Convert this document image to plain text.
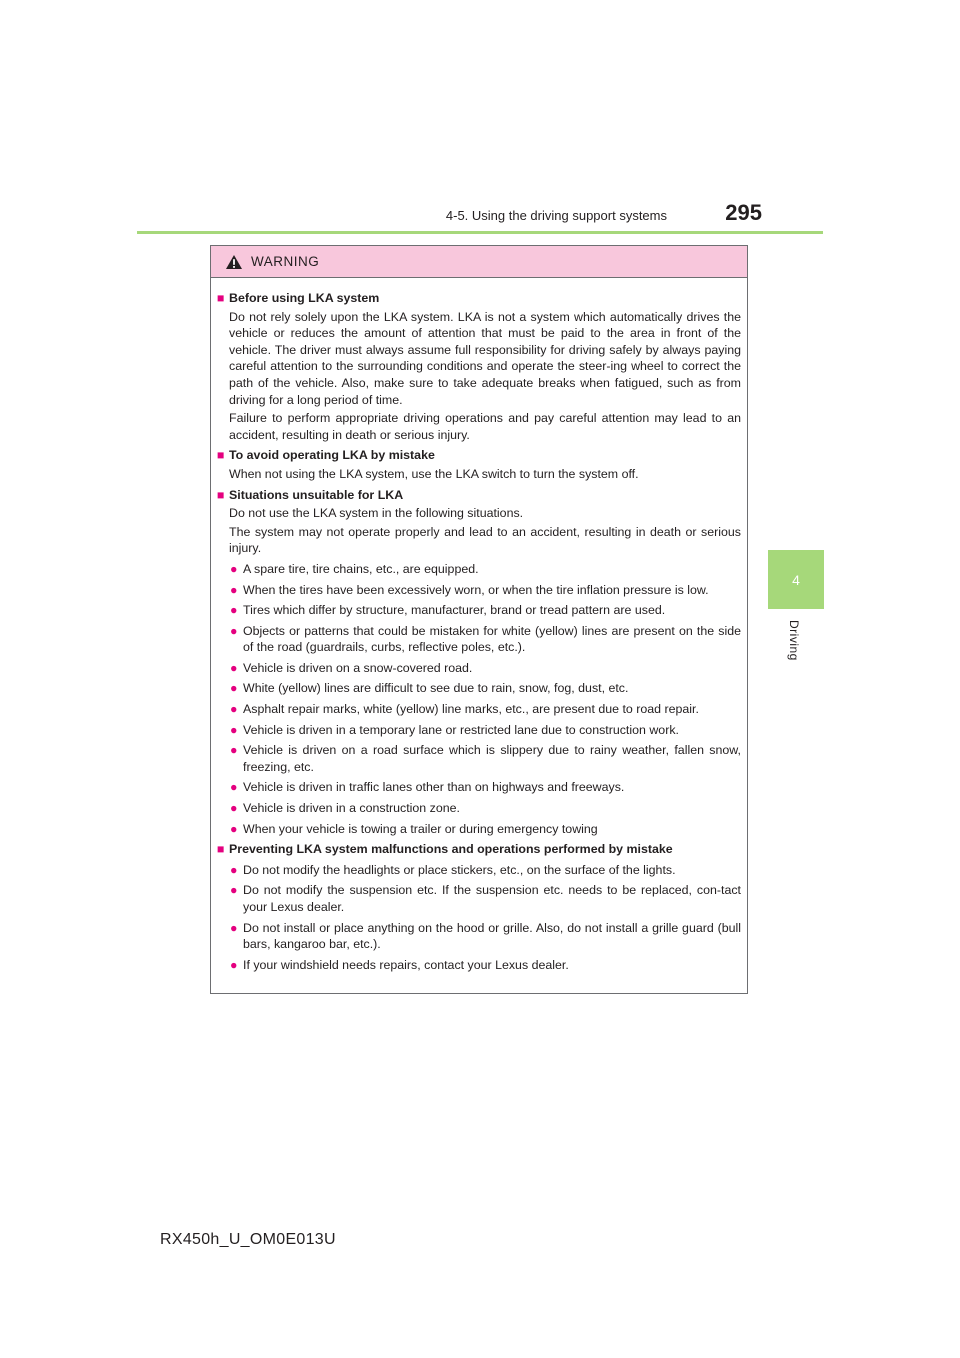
4-5. Using the driving support systems	295
4
Driving
WARNING
■ Before using LKA system
Do not rely solely upon the LKA system. LKA is not a system which automatically drives the vehicle or reduces the amount of attention that must be paid to the area in front of the vehicle. The driver must always assume full responsibility for driving safely by always paying careful attention to the surrounding conditions and operate the steer-ing wheel to correct the path of the vehicle. Also, make sure to take adequate breaks when fatigued, such as from driving for a long period of time.
Failure to perform appropriate driving operations and pay careful attention may lead to an accident, resulting in death or serious injury.
■ To avoid operating LKA by mistake
When not using the LKA system, use the LKA switch to turn the system off.
■ Situations unsuitable for LKA
Do not use the LKA system in the following situations.
The system may not operate properly and lead to an accident, resulting in death or serious injury.
● A spare tire, tire chains, etc., are equipped.
● When the tires have been excessively worn, or when the tire inflation pressure is low.
● Tires which differ by structure, manufacturer, brand or tread pattern are used.
● Objects or patterns that could be mistaken for white (yellow) lines are present on the side of the road (guardrails, curbs, reflective poles, etc.).
● Vehicle is driven on a snow-covered road.
● White (yellow) lines are difficult to see due to rain, snow, fog, dust, etc.
● Asphalt repair marks, white (yellow) line marks, etc., are present due to road repair.
● Vehicle is driven in a temporary lane or restricted lane due to construction work.
● Vehicle is driven on a road surface which is slippery due to rainy weather, fallen snow, freezing, etc.
● Vehicle is driven in traffic lanes other than on highways and freeways.
● Vehicle is driven in a construction zone.
● When your vehicle is towing a trailer or during emergency towing
■ Preventing LKA system malfunctions and operations performed by mistake
● Do not modify the headlights or place stickers, etc., on the surface of the lights.
● Do not modify the suspension etc. If the suspension etc. needs to be replaced, con-tact your Lexus dealer.
● Do not install or place anything on the hood or grille. Also, do not install a grille guard (bull bars, kangaroo bar, etc.).
● If your windshield needs repairs, contact your Lexus dealer.
RX450h_U_OM0E013U
